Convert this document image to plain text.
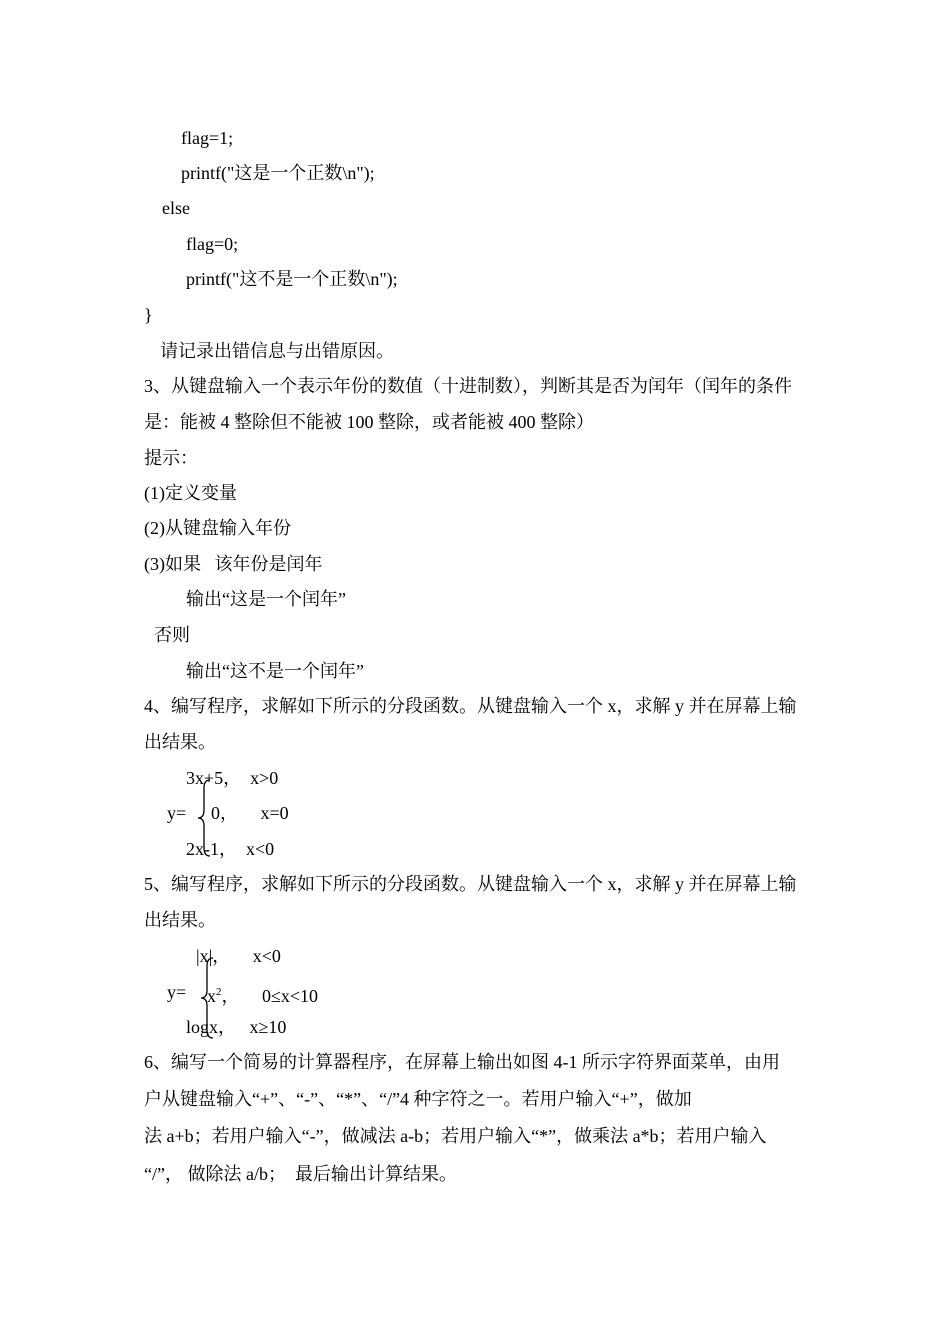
flag=1;
printf("这是一个正数\n");
else
flag=0;
printf("这不是一个正数\n");
}
请记录出错信息与出错原因。
3、从键盘输入一个表示年份的数值（十进制数），判断其是否为闰年（闰年的条件
是：能被 4 整除但不能被 100 整除，或者能被 400 整除）
提示：
(1)定义变量
(2)从键盘输入年份
(3)如果   该年份是闰年
输出“这是一个闰年”
否则
输出“这不是一个闰年”
4、编写程序，求解如下所示的分段函数。从键盘输入一个 x，求解 y 并在屏幕上输
出结果。
3x+5，  x>0
y= 0，     x=0
2x-1，  x<0
5、编写程序，求解如下所示的分段函数。从键盘输入一个 x，求解 y 并在屏幕上输
出结果。
|x|，     x<0
$y= x^2$，     0≤x<10
logx，   x≥10
6、编写一个简易的计算器程序，在屏幕上输出如图 4-1 所示字符界面菜单，由用
户从键盘输入“+”、“-”、“*”、“/”4 种字符之一。若用户输入“+”，做加
法 a+b；若用户输入“-”，做减法 a-b；若用户输入“*”，做乘法 a*b；若用户输入
“/”， 做除法 a/b；  最后输出计算结果。
